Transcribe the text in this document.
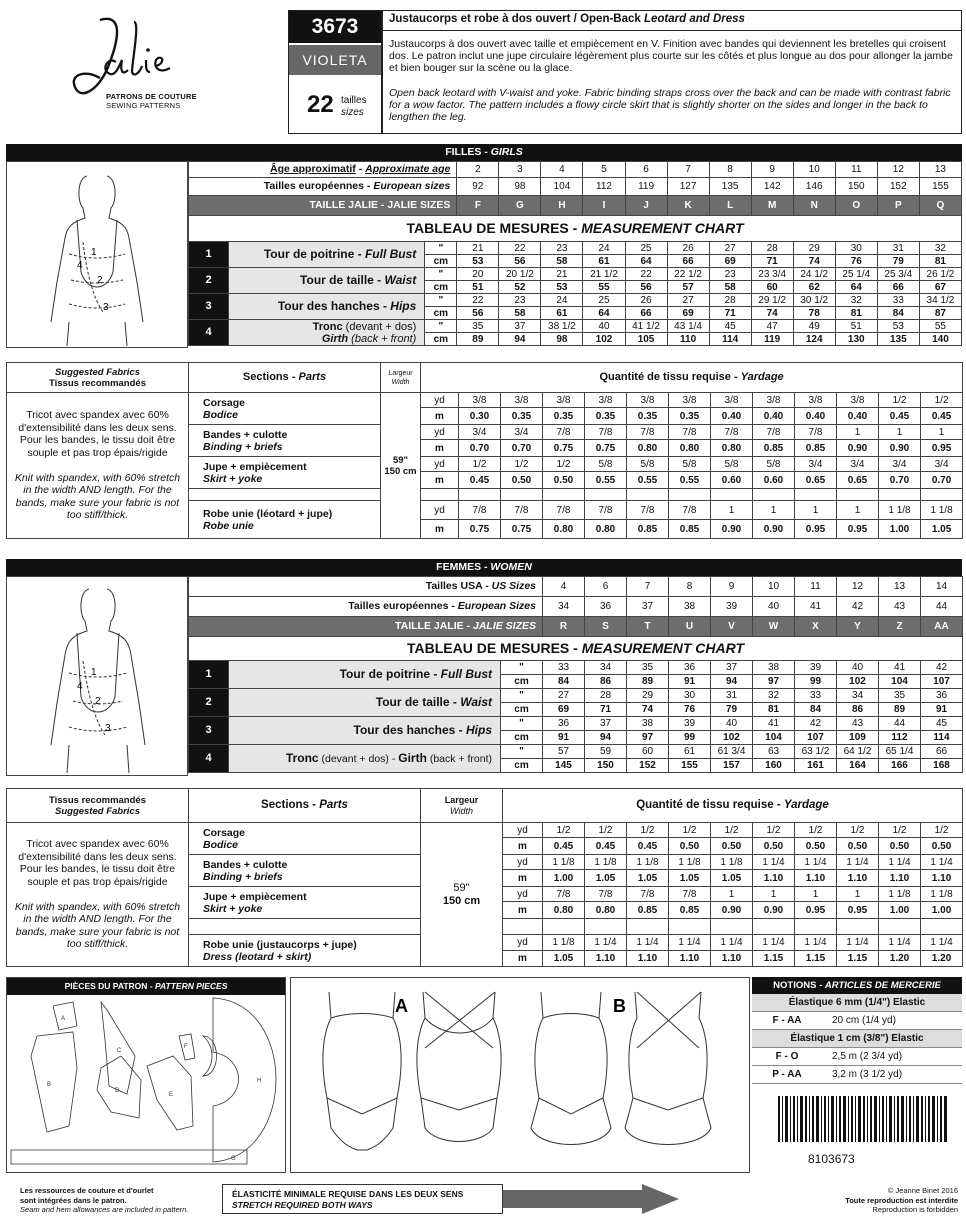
PATRONS DE COUTURE
SEWING PATTERNS
3673
VIOLETA
22 tailles
sizes
Justaucorps et robe à dos ouvert / Open-Back Leotard and Dress
Justaucorps à dos ouvert avec taille et empiècement en V. Finition avec bandes qui deviennent les bretelles qui croisent dos. Le patron inclut une jupe circulaire légèrement plus courte sur les côtés et plus longue au dos pour allonger la jambe et bien bouger sur la scène ou la glace.
Open back leotard with V-waist and yoke. Fabric binding straps cross over the back and can be made with contrast fabric for a wow factor. The pattern includes a flowy circle skirt that is slightly shorter on the sides and longer in the back to lengthen the leg.
FILLES - GIRLS
1
2
3
4
Âge approximatif - Approximate age	2	3	4	5	6	7	8	9	10	11	12	13
Tailles européennes - European sizes	92	98	104	112	119	127	135	142	146	150	152	155
TAILLE JALIE - JALIE SIZES	F	G	H	I	J	K	L	M	N	O	P	Q
TABLEAU DE MESURES - MEASUREMENT CHART												
1	Tour de poitrine - Full Bust	"	21	22	23	24	25	26	27	28	29	30	31	32
		cm	53	56	58	61	64	66	69	71	74	76	79	81
2	Tour de taille - Waist	"	20	20 1/2	21	21 1/2	22	22 1/2	23	23 3/4	24 1/2	25 1/4	25 3/4	26 1/2
		cm	51	52	53	55	56	57	58	60	62	64	66	67
3	Tour des hanches - Hips	"	22	23	24	25	26	27	28	29 1/2	30 1/2	32	33	34 1/2
		cm	56	58	61	64	66	69	71	74	78	81	84	87
4	Tronc (devant + dos)
Girth (back + front)	"	35	37	38 1/2	40	41 1/2	43 1/4	45	47	49	51	53	55
		cm	89	94	98	102	105	110	114	119	124	130	135	140
Suggested Fabrics
Tissus recommandés	Sections - Parts	Largeur
Width	Quantité de tissu requise - Yardage												
Tricot avec spandex avec 60% d'extensibilité dans les deux sens. Pour les bandes, le tissu doit être souple et pas trop épais/rigide

Knit with spandex, with 60% stretch in the width AND length. For the bands, make sure your fabric is not too stiff/thick.	Corsage
Bodice	59"
150 cm	yd	3/8	3/8	3/8	3/8	3/8	3/8	3/8	3/8	3/8	3/8	1/2	1/2
			m	0.30	0.35	0.35	0.35	0.35	0.35	0.40	0.40	0.40	0.40	0.45	0.45
	Bandes + culotte
Binding + briefs		yd	3/4	3/4	7/8	7/8	7/8	7/8	7/8	7/8	7/8	1	1	1
			m	0.70	0.70	0.75	0.75	0.80	0.80	0.80	0.85	0.85	0.90	0.90	0.95
	Jupe + empiècement
Skirt + yoke		yd	1/2	1/2	1/2	5/8	5/8	5/8	5/8	5/8	3/4	3/4	3/4	3/4
			m	0.45	0.50	0.50	0.55	0.55	0.55	0.60	0.60	0.65	0.65	0.70	0.70

	Robe unie (léotard + jupe)
Robe unie		yd	7/8	7/8	7/8	7/8	7/8	7/8	1	1	1	1	1 1/8	1 1/8
			m	0.75	0.75	0.80	0.80	0.85	0.85	0.90	0.90	0.95	0.95	1.00	1.05
FEMMES - WOMEN
1
2
3
4
Tailles USA - US Sizes	4	6	7	8	9	10	11	12	13	14
Tailles européennes - European Sizes	34	36	37	38	39	40	41	42	43	44
TAILLE JALIE - JALIE SIZES	R	S	T	U	V	W	X	Y	Z	AA
TABLEAU DE MESURES - MEASUREMENT CHART										
1	Tour de poitrine - Full Bust	"	33	34	35	36	37	38	39	40	41	42
		cm	84	86	89	91	94	97	99	102	104	107
2	Tour de taille - Waist	"	27	28	29	30	31	32	33	34	35	36
		cm	69	71	74	76	79	81	84	86	89	91
3	Tour des hanches - Hips	"	36	37	38	39	40	41	42	43	44	45
		cm	91	94	97	99	102	104	107	109	112	114
4	Tronc (devant + dos) - Girth (back + front)	"	57	59	60	61	61 3/4	63	63 1/2	64 1/2	65 1/4	66
		cm	145	150	152	155	157	160	161	164	166	168
Tissus recommandés
Suggested Fabrics	Sections - Parts	Largeur
Width	Quantité de tissu requise - Yardage										
Tricot avec spandex avec 60% d'extensibilité dans les deux sens. Pour les bandes, le tissu doit être souple et pas trop épais/rigide

Knit with spandex, with 60% stretch in the width AND length. For the bands, make sure your fabric is not too stiff/thick.	Corsage
Bodice	59"
150 cm	yd	1/2	1/2	1/2	1/2	1/2	1/2	1/2	1/2	1/2	1/2
			m	0.45	0.45	0.45	0.50	0.50	0.50	0.50	0.50	0.50	0.50
	Bandes + culotte
Binding + briefs		yd	1 1/8	1 1/8	1 1/8	1 1/8	1 1/8	1 1/4	1 1/4	1 1/4	1 1/4	1 1/4
			m	1.00	1.05	1.05	1.05	1.05	1.10	1.10	1.10	1.10	1.10
	Jupe + empiècement
Skirt + yoke		yd	7/8	7/8	7/8	7/8	1	1	1	1	1 1/8	1 1/8
			m	0.80	0.80	0.85	0.85	0.90	0.90	0.95	0.95	1.00	1.00

	Robe unie (justaucorps + jupe)
Dress (leotard + skirt)		yd	1 1/8	1 1/4	1 1/4	1 1/4	1 1/4	1 1/4	1 1/4	1 1/4	1 1/4	1 1/4
			m	1.05	1.10	1.10	1.10	1.10	1.15	1.15	1.15	1.20	1.20
PIÈCES DU PATRON - PATTERN PIECES
A
B
C
D
E
F
G
H
A	B
NOTIONS - ARTICLES DE MERCERIE
Élastique 6 mm (1/4") Elastic
F - AA	20 cm (1/4 yd)
Élastique 1 cm (3/8") Elastic
F - O	2,5 m (2 3/4 yd)
P - AA	3,2 m (3 1/2 yd)
8103673
Les ressources de couture et d'ourlet
sont intégrées dans le patron.
Seam and hem allowances are included in pattern.
ÉLASTICITÉ MINIMALE REQUISE DANS LES DEUX SENS
STRETCH REQUIRED BOTH WAYS
© Jeanne Binet 2016
Toute reproduction est interdite
Reproduction is forbidden
